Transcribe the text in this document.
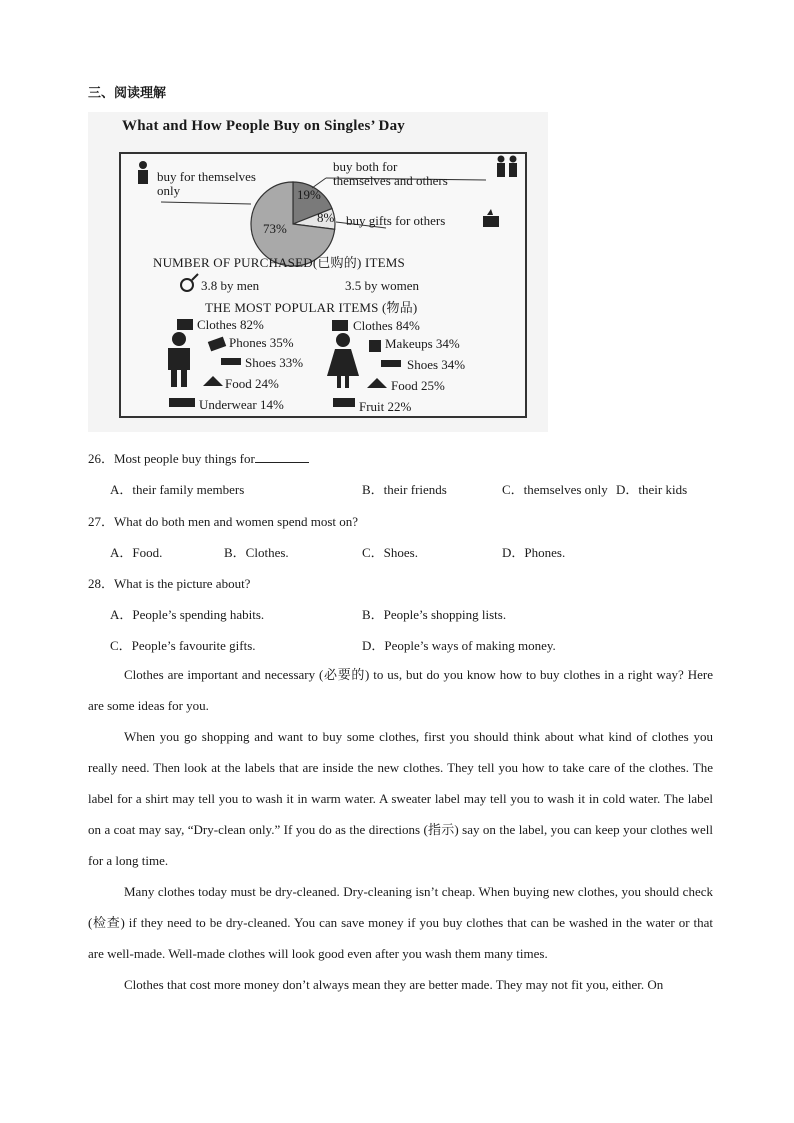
三、阅读理解
What and How People Buy on Singles’ Day
buy for themselves
only
buy both for
themselves and others
buy gifts for others
73%
19%
8%
NUMBER OF PURCHASED(已购的) ITEMS
3.8 by men	3.5 by women
THE MOST POPULAR ITEMS (物品)
Clothes 82%
Phones 35%
Shoes 33%
Food 24%
Underwear 14%
Clothes 84%
Makeups 34%
Shoes 34%
Food 25%
Fruit 22%
26．Most people buy things for
A．their family members	B．their friends	C．themselves only D．their kids
27．What do both men and women spend most on?
A．Food.	B．Clothes.	C．Shoes.	D．Phones.
28．What is the picture about?
A．People’s spending habits.	B．People’s shopping lists.
C．People’s favourite gifts.	D．People’s ways of making money.

Clothes are important and necessary (必要的) to us, but do you know how to buy clothes in a right way? Here are some ideas for you.

When you go shopping and want to buy some clothes, first you should think about what kind of clothes you really need. Then look at the labels that are inside the new clothes. They tell you how to take care of the clothes. The label for a shirt may tell you to wash it in warm water. A sweater label may tell you to wash it in cold water. The label on a coat may say, “Dry-clean only.” If you do as the directions (指示) say on the label, you can keep your clothes well for a long time.

Many clothes today must be dry-cleaned. Dry-cleaning isn’t cheap. When buying new clothes, you should check (检查) if they need to be dry-cleaned. You can save money if you buy clothes that can be washed in the water or that are well-made. Well-made clothes will look good even after you wash them many times.

Clothes that cost more money don’t always mean they are better made. They may not fit you, either. On
